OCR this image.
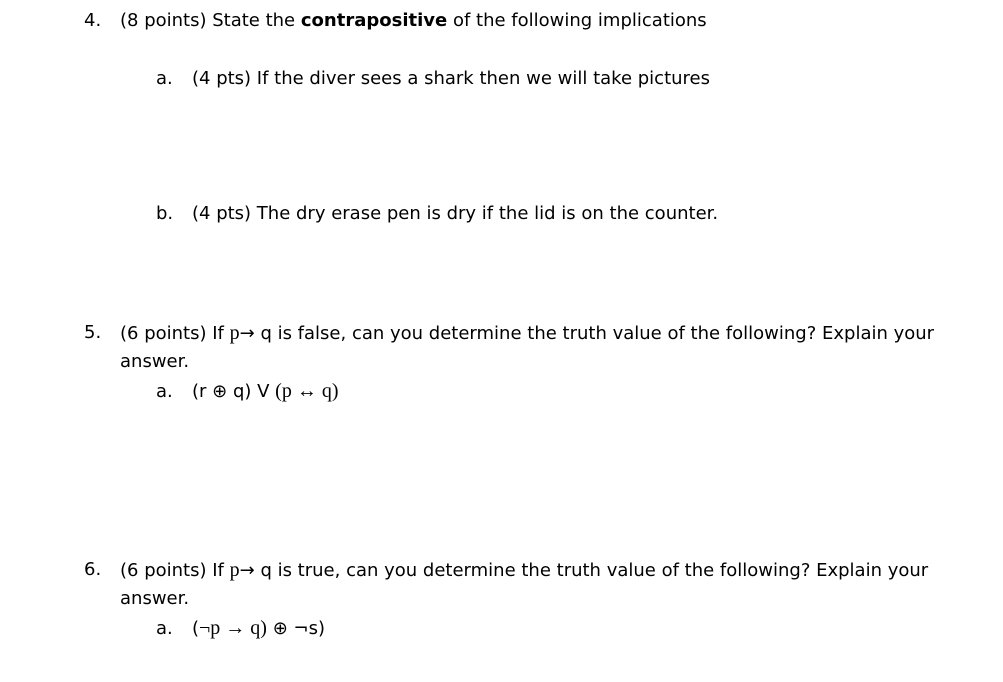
4. (8 points) State the contrapositive of the following implications
a. (4 pts) If the diver sees a shark then we will take pictures
b. (4 pts) The dry erase pen is dry if the lid is on the counter.
5. (6 points) If p→ q is false, can you determine the truth value of the following? Explain your
answer.
a. (r ⊕ q) V (p ↔ q)
6. (6 points) If p→ q is true, can you determine the truth value of the following? Explain your
answer.
a. (¬p → q) ⊕ ¬s)
